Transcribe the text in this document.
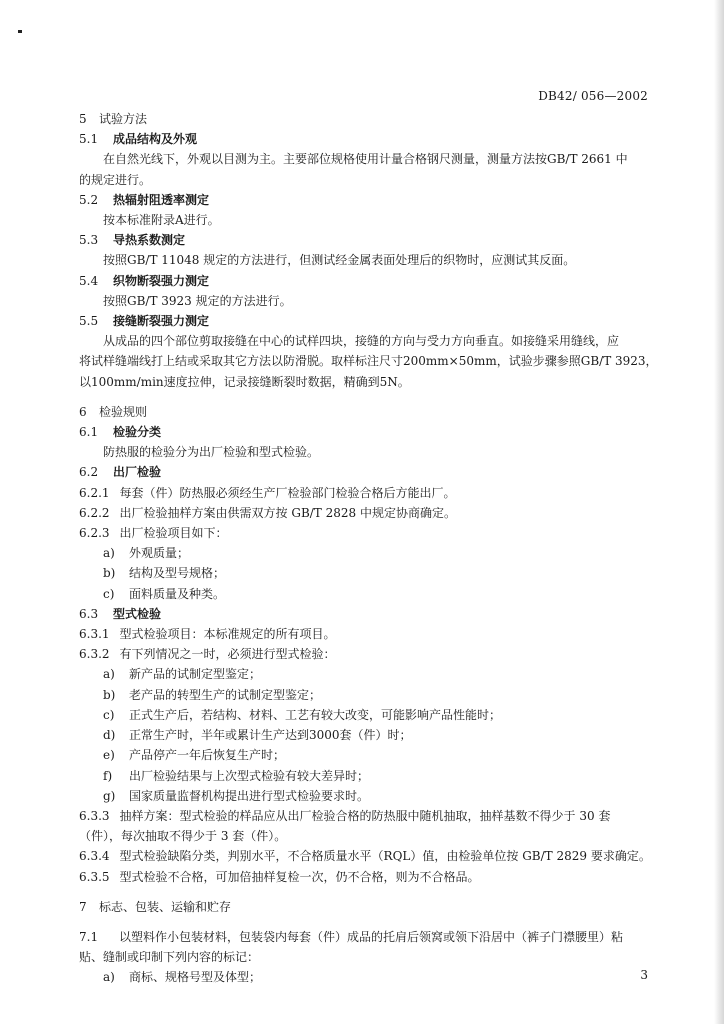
DB42/ 056—2002
5 试验方法
5.1 成品结构及外观
在自然光线下，外观以目测为主。主要部位规格使用计量合格钢尺测量，测量方法按GB/T 2661 中
的规定进行。
5.2 热辐射阻透率测定
按本标准附录A进行。
5.3 导热系数测定
按照GB/T 11048 规定的方法进行，但测试经金属表面处理后的织物时，应测试其反面。
5.4 织物断裂强力测定
按照GB/T 3923 规定的方法进行。
5.5 接缝断裂强力测定
从成品的四个部位剪取接缝在中心的试样四块，接缝的方向与受力方向垂直。如接缝采用缝线，应
将试样缝端线打上结或采取其它方法以防滑脱。取样标注尺寸200mm×50mm，试验步骤参照GB/T 3923，
以100mm/min速度拉伸，记录接缝断裂时数据，精确到5N。
6 检验规则
6.1 检验分类
防热服的检验分为出厂检验和型式检验。
6.2 出厂检验
6.2.1 每套（件）防热服必须经生产厂检验部门检验合格后方能出厂。
6.2.2 出厂检验抽样方案由供需双方按 GB/T 2828 中规定协商确定。
6.2.3 出厂检验项目如下：
a) 外观质量；
b) 结构及型号规格；
c) 面料质量及种类。
6.3 型式检验
6.3.1 型式检验项目：本标准规定的所有项目。
6.3.2 有下列情况之一时，必须进行型式检验：
a) 新产品的试制定型鉴定；
b) 老产品的转型生产的试制定型鉴定；
c) 正式生产后，若结构、材料、工艺有较大改变，可能影响产品性能时；
d) 正常生产时，半年或累计生产达到3000套（件）时；
e) 产品停产一年后恢复生产时；
f)	出厂检验结果与上次型式检验有较大差异时；
g) 国家质量监督机构提出进行型式检验要求时。
6.3.3 抽样方案：型式检验的样品应从出厂检验合格的防热服中随机抽取，抽样基数不得少于 30 套
（件），每次抽取不得少于 3 套（件）。
6.3.4 型式检验缺陷分类，判别水平，不合格质量水平（RQL）值，由检验单位按 GB/T 2829 要求确定。
6.3.5 型式检验不合格，可加倍抽样复检一次，仍不合格，则为不合格品。
7 标志、包装、运输和贮存
7.1	以塑料作小包装材料，包装袋内每套（件）成品的托肩后领窝或领下沿居中（裤子门襟腰里）粘
贴、缝制或印制下列内容的标记：
a) 商标、规格号型及体型；	3
